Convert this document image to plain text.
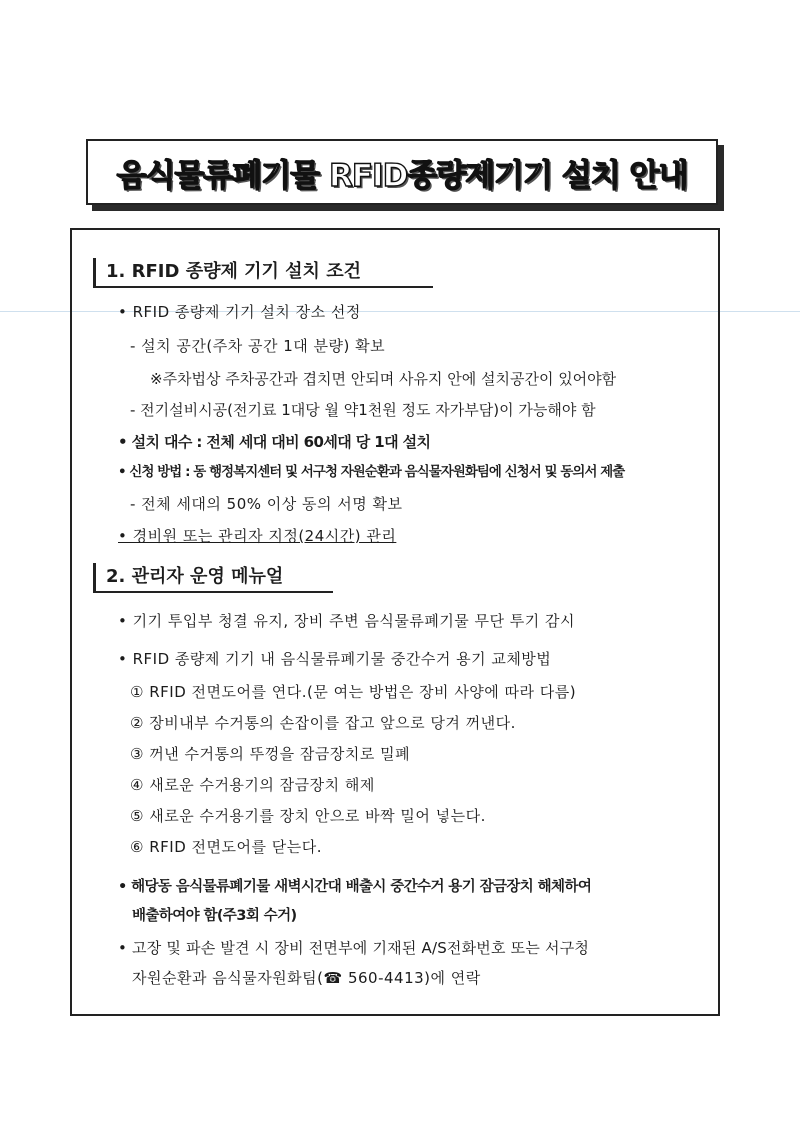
음식물류폐기물 RFID종량제기기 설치 안내
1. RFID 종량제 기기 설치 조건
• RFID 종량제 기기 설치 장소 선정
- 설치 공간(주차 공간 1대 분량) 확보
※주차법상 주차공간과 겹치면 안되며 사유지 안에 설치공간이 있어야함
- 전기설비시공(전기료 1대당 월 약1천원 정도 자가부담)이 가능해야 함
• 설치 대수 : 전체 세대 대비 60세대 당 1대 설치
• 신청 방법 : 동 행정복지센터 및 서구청 자원순환과 음식물자원화팀에 신청서 및 동의서 제출
- 전체 세대의 50% 이상 동의 서명 확보
• 경비원 또는 관리자 지정(24시간) 관리
2. 관리자 운영 메뉴얼
• 기기 투입부 청결 유지, 장비 주변 음식물류폐기물 무단 투기 감시
• RFID 종량제 기기 내 음식물류폐기물 중간수거 용기 교체방법
① RFID 전면도어를 연다.(문 여는 방법은 장비 사양에 따라 다름)
② 장비내부 수거통의 손잡이를 잡고 앞으로 당겨 꺼낸다.
③ 꺼낸 수거통의 뚜껑을 잠금장치로 밀폐
④ 새로운 수거용기의 잠금장치 해제
⑤ 새로운 수거용기를 장치 안으로 바짝 밀어 넣는다.
⑥ RFID 전면도어를 닫는다.
• 해당동 음식물류폐기물 새벽시간대 배출시 중간수거 용기 잠금장치 해체하여
배출하여야 함(주3회 수거)
• 고장 및 파손 발견 시 장비 전면부에 기재된 A/S전화번호 또는 서구청
자원순환과 음식물자원화팀(☎ 560-4413)에 연락
